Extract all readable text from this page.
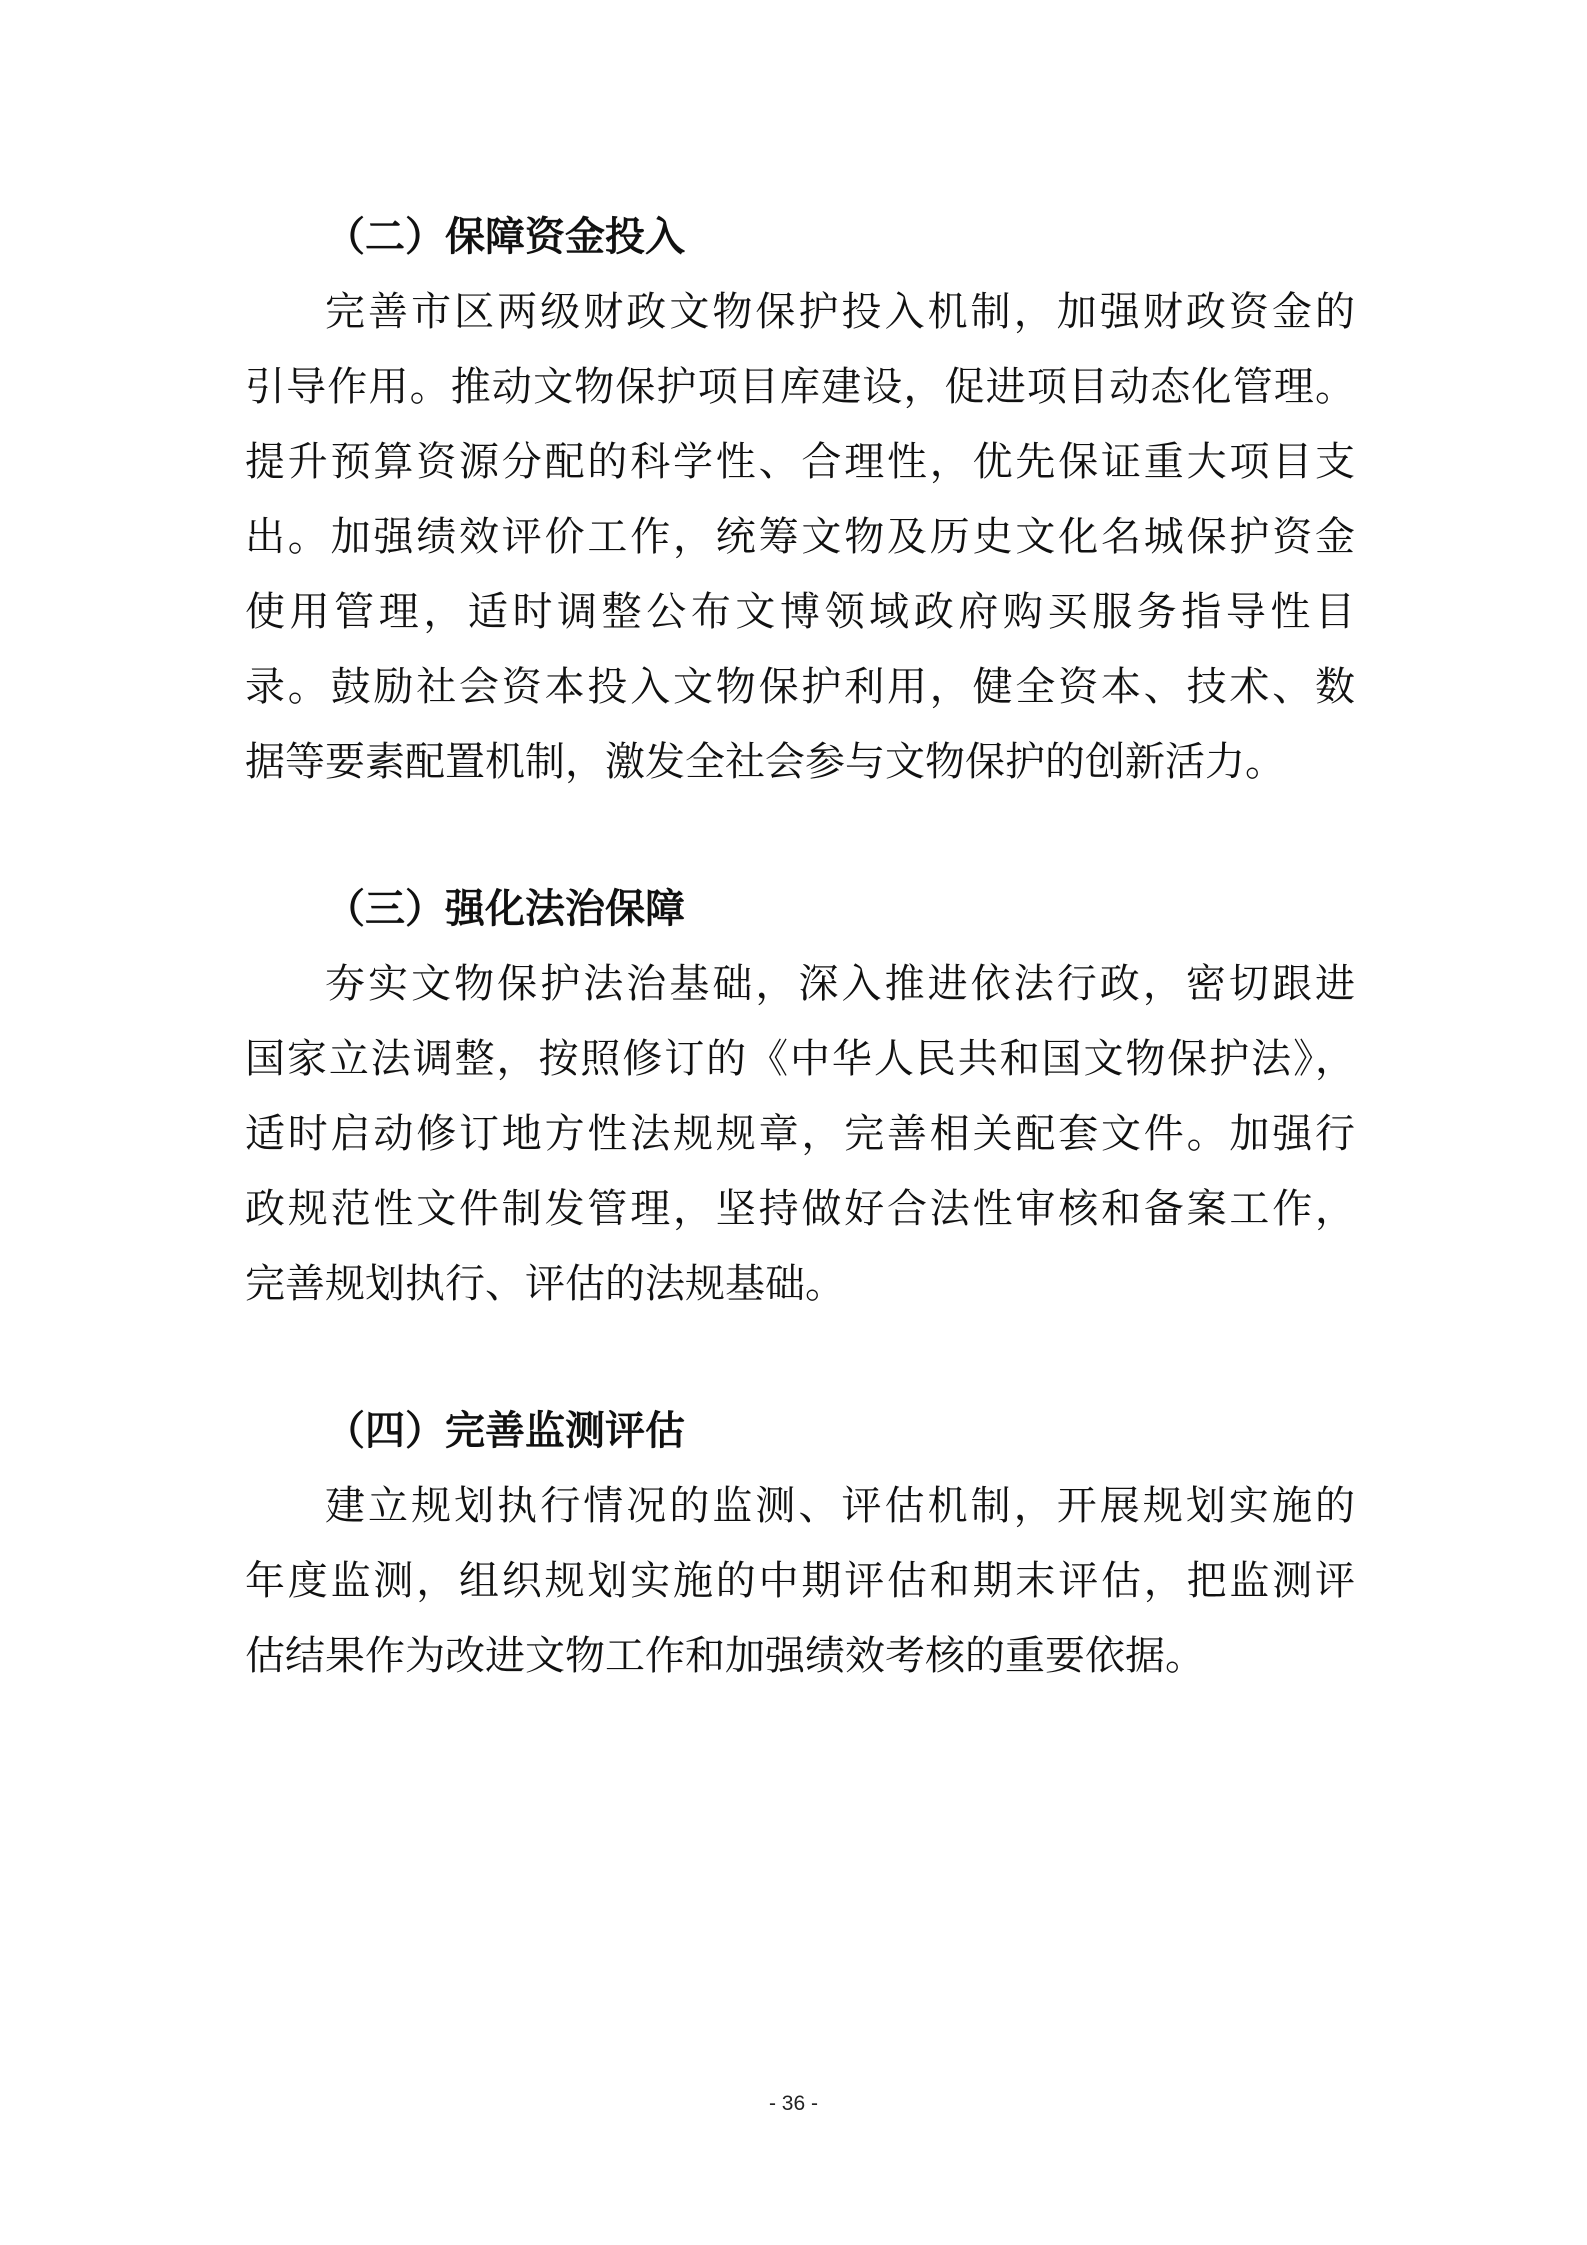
（二）保障资金投入
完善市区两级财政文物保护投入机制，加强财政资金的
引导作用。推动文物保护项目库建设，促进项目动态化管理。
提升预算资源分配的科学性、合理性，优先保证重大项目支
出。加强绩效评价工作，统筹文物及历史文化名城保护资金
使用管理，适时调整公布文博领域政府购买服务指导性目
录。鼓励社会资本投入文物保护利用，健全资本、技术、数
据等要素配置机制，激发全社会参与文物保护的创新活力。
（三）强化法治保障
夯实文物保护法治基础，深入推进依法行政，密切跟进
国家立法调整，按照修订的《中华人民共和国文物保护法》，
适时启动修订地方性法规规章，完善相关配套文件。加强行
政规范性文件制发管理，坚持做好合法性审核和备案工作，
完善规划执行、评估的法规基础。
（四）完善监测评估
建立规划执行情况的监测、评估机制，开展规划实施的
年度监测，组织规划实施的中期评估和期末评估，把监测评
估结果作为改进文物工作和加强绩效考核的重要依据。
- 36 -
